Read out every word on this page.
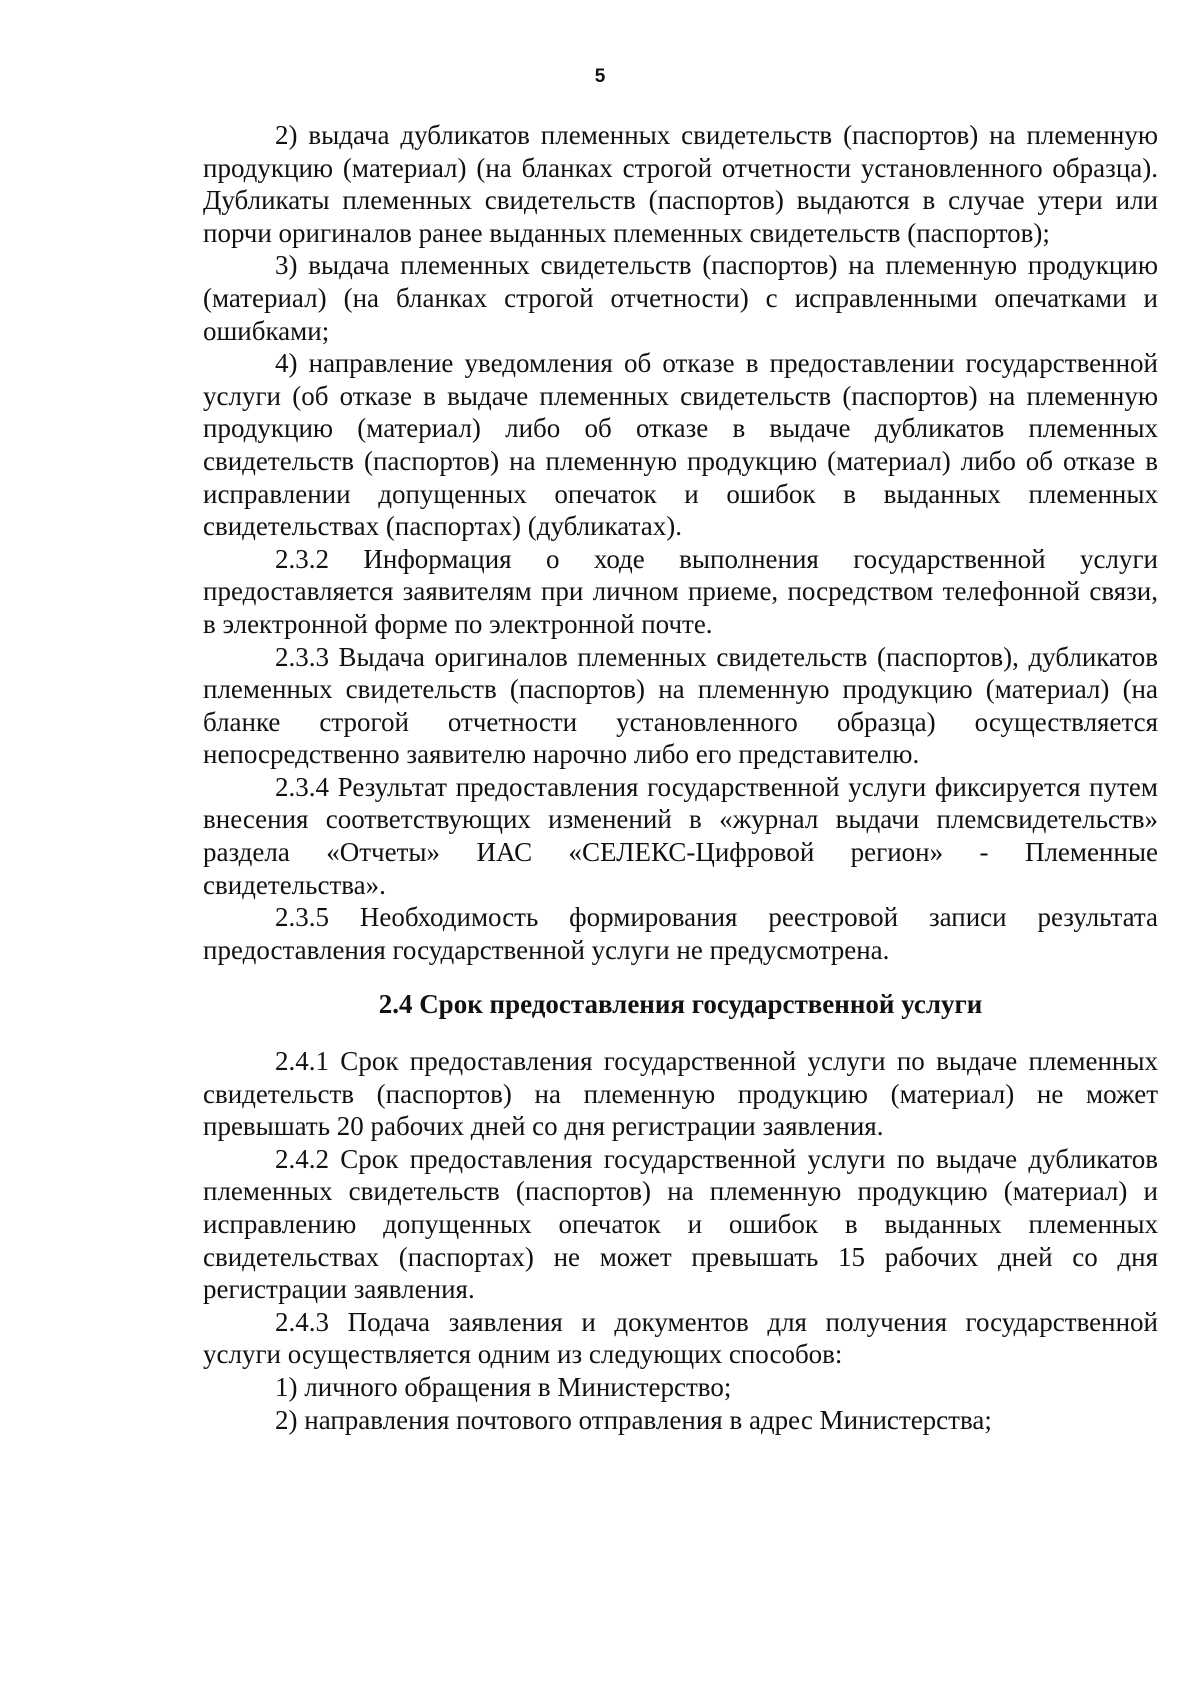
5

2) выдача дубликатов племенных свидетельств (паспортов) на племенную продукцию (материал) (на бланках строгой отчетности установленного образца). Дубликаты племенных свидетельств (паспортов) выдаются в случае утери или порчи оригиналов ранее выданных племенных свидетельств (паспортов);

3) выдача племенных свидетельств (паспортов) на племенную продукцию (материал) (на бланках строгой отчетности) с исправленными опечатками и ошибками;

4) направление уведомления об отказе в предоставлении государственной услуги (об отказе в выдаче племенных свидетельств (паспортов) на племенную продукцию (материал) либо об отказе в выдаче дубликатов племенных свидетельств (паспортов) на племенную продукцию (материал) либо об отказе в исправлении допущенных опечаток и ошибок в выданных племенных свидетельствах (паспортах) (дубликатах).

2.3.2 Информация о ходе выполнения государственной услуги предоставляется заявителям при личном приеме, посредством телефонной связи, в электронной форме по электронной почте.

2.3.3 Выдача оригиналов племенных свидетельств (паспортов), дубликатов племенных свидетельств (паспортов) на племенную продукцию (материал) (на бланке строгой отчетности установленного образца) осуществляется непосредственно заявителю нарочно либо его представителю.

2.3.4 Результат предоставления государственной услуги фиксируется путем внесения соответствующих изменений в «журнал выдачи племсвидетельств» раздела «Отчеты» ИАС «СЕЛЕКС-Цифровой регион» - Племенные свидетельства».

2.3.5 Необходимость формирования реестровой записи результата предоставления государственной услуги не предусмотрена.

2.4 Срок предоставления государственной услуги

2.4.1 Срок предоставления государственной услуги по выдаче племенных свидетельств (паспортов) на племенную продукцию (материал) не может превышать 20 рабочих дней со дня регистрации заявления.

2.4.2 Срок предоставления государственной услуги по выдаче дубликатов племенных свидетельств (паспортов) на племенную продукцию (материал) и исправлению допущенных опечаток и ошибок в выданных племенных свидетельствах (паспортах) не может превышать 15 рабочих дней со дня регистрации заявления.

2.4.3 Подача заявления и документов для получения государственной услуги осуществляется одним из следующих способов:

1) личного обращения в Министерство;

2) направления почтового отправления в адрес Министерства;
